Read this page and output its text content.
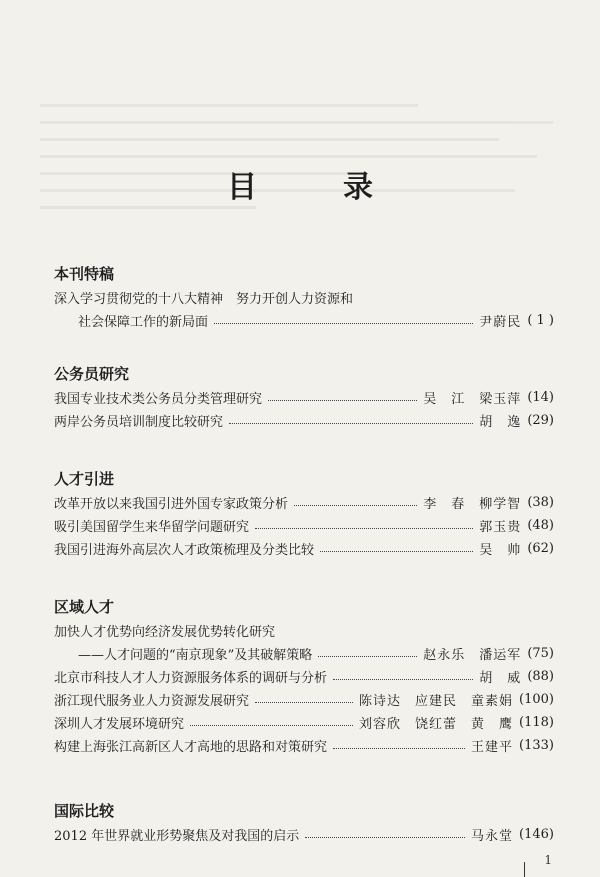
目　录
本刊特稿
深入学习贯彻党的十八大精神　努力开创人力资源和
社会保障工作的新局面	尹蔚民 ( 1 )
公务员研究
我国专业技术类公务员分类管理研究	吴　江　梁玉萍 (14)
两岸公务员培训制度比较研究	胡　逸 (29)
人才引进
改革开放以来我国引进外国专家政策分析	李　春　柳学智 (38)
吸引美国留学生来华留学问题研究	郭玉贵 (48)
我国引进海外高层次人才政策梳理及分类比较	吴　帅 (62)
区域人才
加快人才优势向经济发展优势转化研究
——人才问题的“南京现象”及其破解策略	赵永乐　潘运军 (75)
北京市科技人才人力资源服务体系的调研与分析	胡　威 (88)
浙江现代服务业人力资源发展研究	陈诗达　应建民　童素娟 (100)
深圳人才发展环境研究	刘容欣　饶红蕾　黄　鹰 (118)
构建上海张江高新区人才高地的思路和对策研究	王建平 (133)
国际比较
2012 年世界就业形势聚焦及对我国的启示	马永堂 (146)
1
